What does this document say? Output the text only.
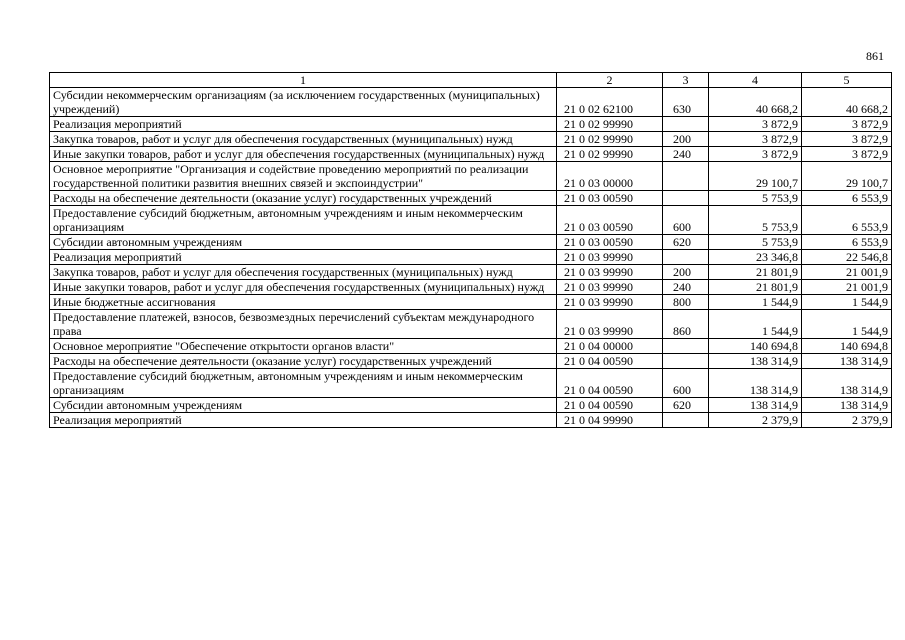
861
1	2	3	4	5
Субсидии некоммерческим организациям (за исключением государственных (муниципальных) учреждений)	21 0 02 62100	630	40 668,2	40 668,2
Реализация мероприятий	21 0 02 99990		3 872,9	3 872,9
Закупка товаров, работ и услуг для обеспечения государственных (муниципальных) нужд	21 0 02 99990	200	3 872,9	3 872,9
Иные закупки товаров, работ и услуг для обеспечения государственных (муниципальных) нужд	21 0 02 99990	240	3 872,9	3 872,9
Основное мероприятие "Организация и содействие проведению мероприятий по реализации государственной политики развития внешних связей и экспоиндустрии"	21 0 03 00000		29 100,7	29 100,7
Расходы на обеспечение деятельности (оказание услуг) государственных учреждений	21 0 03 00590		5 753,9	6 553,9
Предоставление субсидий бюджетным, автономным учреждениям и иным некоммерческим организациям	21 0 03 00590	600	5 753,9	6 553,9
Субсидии автономным учреждениям	21 0 03 00590	620	5 753,9	6 553,9
Реализация мероприятий	21 0 03 99990		23 346,8	22 546,8
Закупка товаров, работ и услуг для обеспечения государственных (муниципальных) нужд	21 0 03 99990	200	21 801,9	21 001,9
Иные закупки товаров, работ и услуг для обеспечения государственных (муниципальных) нужд	21 0 03 99990	240	21 801,9	21 001,9
Иные бюджетные ассигнования	21 0 03 99990	800	1 544,9	1 544,9
Предоставление платежей, взносов, безвозмездных перечислений субъектам международного права	21 0 03 99990	860	1 544,9	1 544,9
Основное мероприятие "Обеспечение открытости органов власти"	21 0 04 00000		140 694,8	140 694,8
Расходы на обеспечение деятельности (оказание услуг) государственных учреждений	21 0 04 00590		138 314,9	138 314,9
Предоставление субсидий бюджетным, автономным учреждениям и иным некоммерческим организациям	21 0 04 00590	600	138 314,9	138 314,9
Субсидии автономным учреждениям	21 0 04 00590	620	138 314,9	138 314,9
Реализация мероприятий	21 0 04 99990		2 379,9	2 379,9
